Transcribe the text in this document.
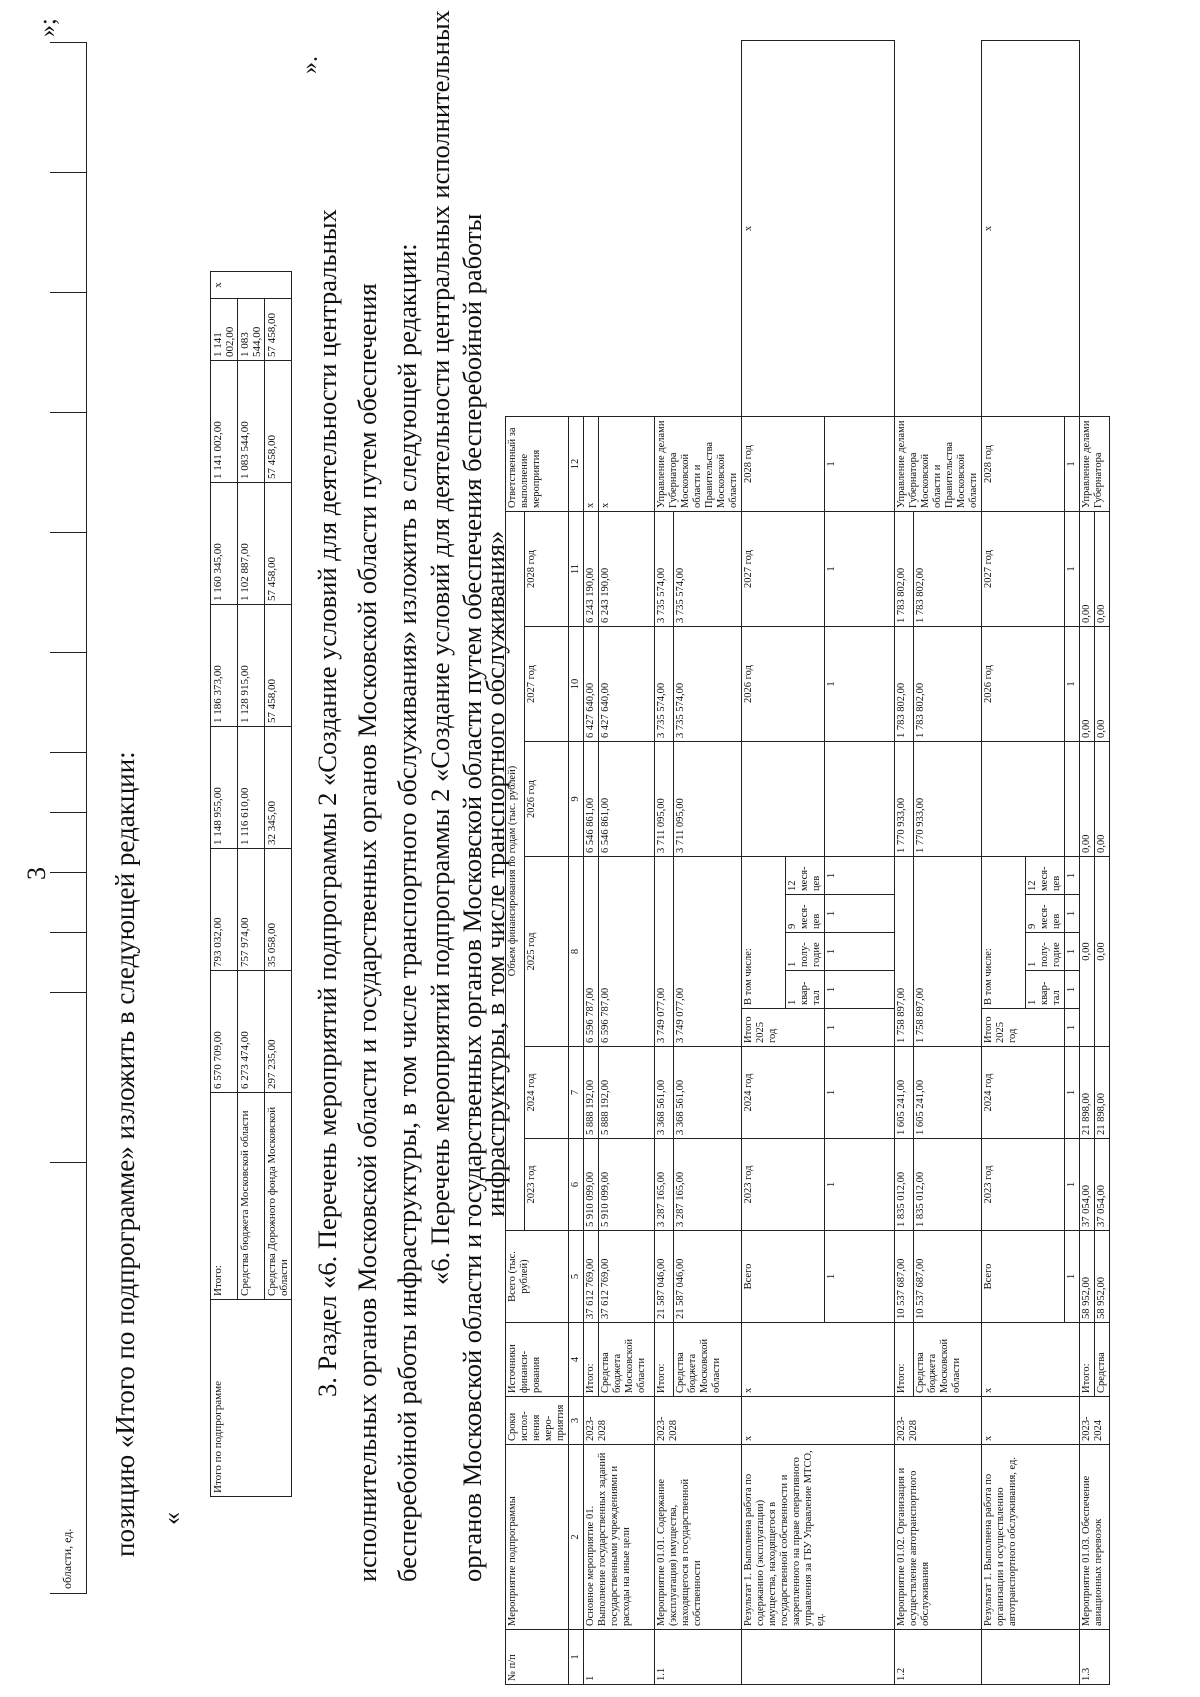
3
области, ед.
»;
позицию «Итого по подпрограмме» изложить в следующей редакции: «
Итого по подпрограмме	Итого:	6 570 709,00	793 032,00	1 148 955,00	1 186 373,00	1 160 345,00	1 141 002,00	1 141 002,00	x
	Средства бюджета Московской области	6 273 474,00	757 974,00	1 116 610,00	1 128 915,00	1 102 887,00	1 083 544,00	1 083 544,00	
	Средства Дорожного фонда Московской области	297 235,00	35 058,00	32 345,00	57 458,00	57 458,00	57 458,00	57 458,00	
».
3. Раздел «6. Перечень мероприятий подпрограммы 2 «Создание условий для деятельности центральных исполнительных органов Московской области и государственных органов Московской области путем обеспечения бесперебойной работы инфраструктуры, в том числе транспортного обслуживания» изложить в следующей редакции: «6. Перечень мероприятий подпрограммы 2 «Создание условий для деятельности центральных исполнительных органов Московской области и государственных органов Московской области путем обеспечения бесперебойной работы
инфраструктуры, в том числе транспортного обслуживания»
№ п/п	Мероприятие подпрограммы	Сроки испол-нения меро-приятия	Источники финанси-рования	Всего (тыс. рублей)	Объем финансирования по годам (тыс. рублей)										Ответственный за выполнение мероприятия	
					2023 год	2024 год	2025 год					2026 год	2027 год	2028 год		
1	2	3	4	5	6	7	8					9	10	11	12	
1	Основное мероприятие 01. Выполнение государственных заданий государственными учреждениями и расходы на иные цели	2023-2028	Итого:	37 612 769,00	5 910 099,00	5 888 192,00	6 596 787,00					6 546 861,00	6 427 640,00	6 243 190,00	x	
			Средства бюджета Московской области	37 612 769,00	5 910 099,00	5 888 192,00	6 596 787,00					6 546 861,00	6 427 640,00	6 243 190,00	x	
1.1	Мероприятие 01.01. Содержание (эксплуатация) имущества, находящегося в государственной собственности	2023-2028	Итого:	21 587 046,00	3 287 165,00	3 368 561,00	3 749 077,00					3 711 095,00	3 735 574,00	3 735 574,00	Управление делами Губернатора Московской области и Правительства Московской области	
			Средства бюджета Московской области	21 587 046,00	3 287 165,00	3 368 561,00	3 749 077,00					3 711 095,00	3 735 574,00	3 735 574,00		
	Результат 1. Выполнена работа по содержанию (эксплуатации) имущества, находящегося в государственной собственности и закрепленного на праве оперативного управления за ГБУ Управление МТСО, ед.	x	x	Всего	2023 год	2024 год	Итого 2025 год	В том числе:					2026 год	2027 год	2028 год	x
								1 квар-тал	1 полу-годие	9 меся-цев	12 меся-цев					
				1	1	1	1	1	1	1	1		1	1	1	
1.2	Мероприятие 01.02. Организация и осуществление автотранспортного обслуживания	2023-2028	Итого:	10 537 687,00	1 835 012,00	1 605 241,00	1 758 897,00					1 770 933,00	1 783 802,00	1 783 802,00	Управление делами Губернатора Московской области и Правительства Московской области	
			Средства бюджета Московской области	10 537 687,00	1 835 012,00	1 605 241,00	1 758 897,00					1 770 933,00	1 783 802,00	1 783 802,00		
	Результат 1. Выполнена работа по организации и осуществлению автотранспортного обслуживания, ед.	x	x	Всего	2023 год	2024 год	Итого 2025 год	В том числе:					2026 год	2027 год	2028 год	x
								1 квар-тал	1 полу-годие	9 меся-цев	12 меся-цев					
				1	1	1	1	1	1	1	1		1	1	1	
1.3	Мероприятие 01.03. Обеспечение авиационных перевозок	2023-2024	Итого:	58 952,00	37 054,00	21 898,00	0,00					0,00	0,00	0,00	Управление делами Губернатора	
			Средства	58 952,00	37 054,00	21 898,00	0,00					0,00	0,00	0,00		
